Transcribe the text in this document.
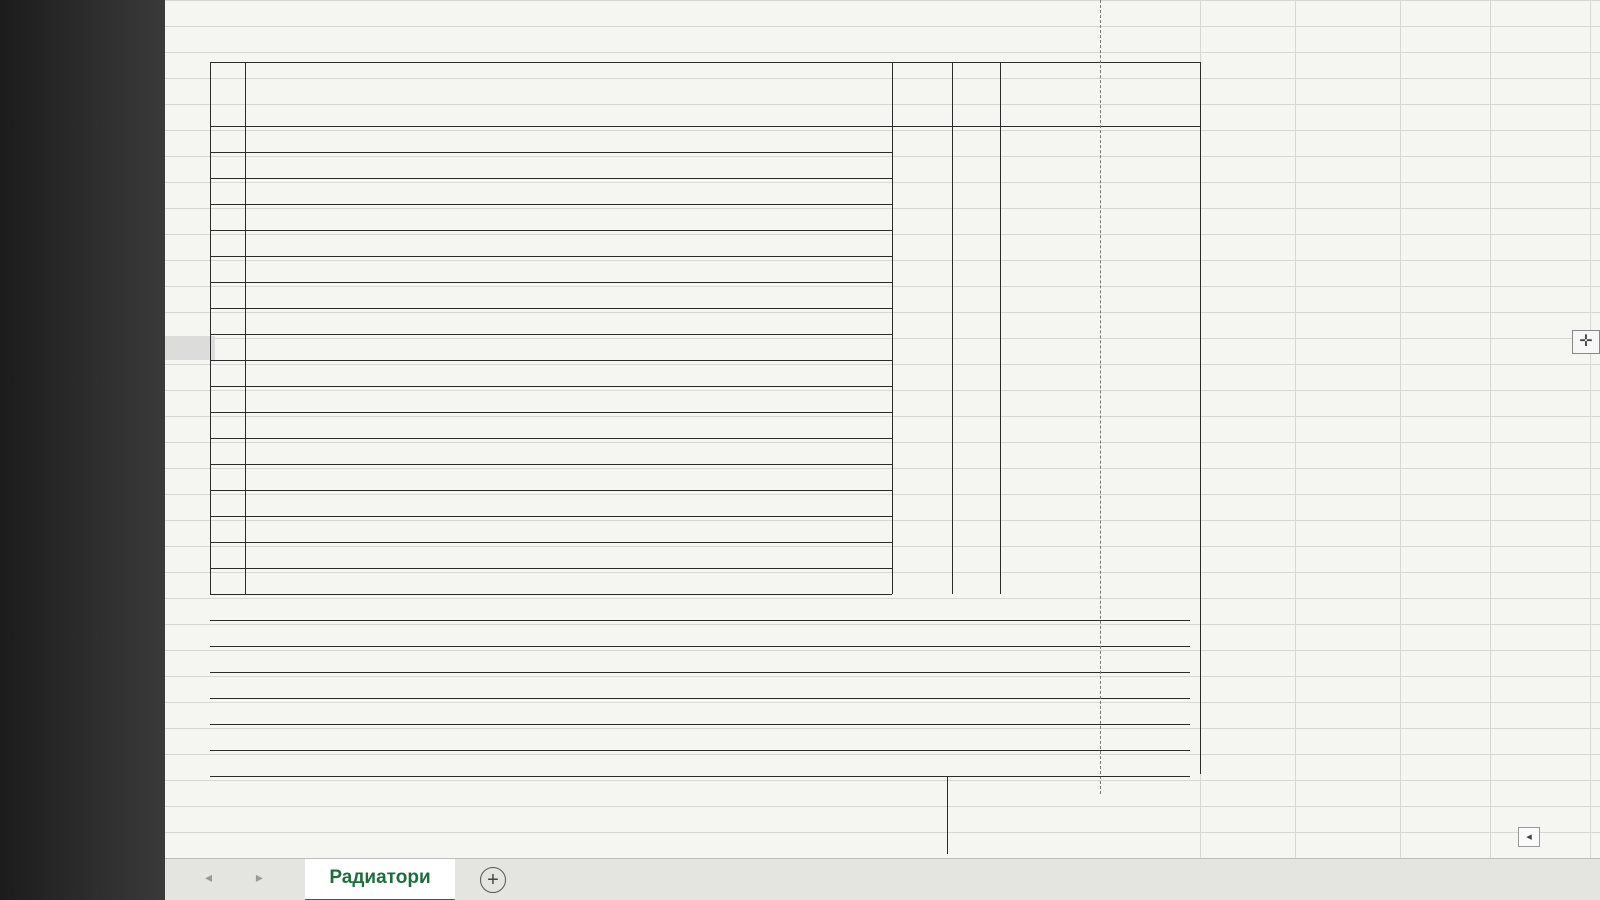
✛
◂ ▸	Радиатори	+
◂
